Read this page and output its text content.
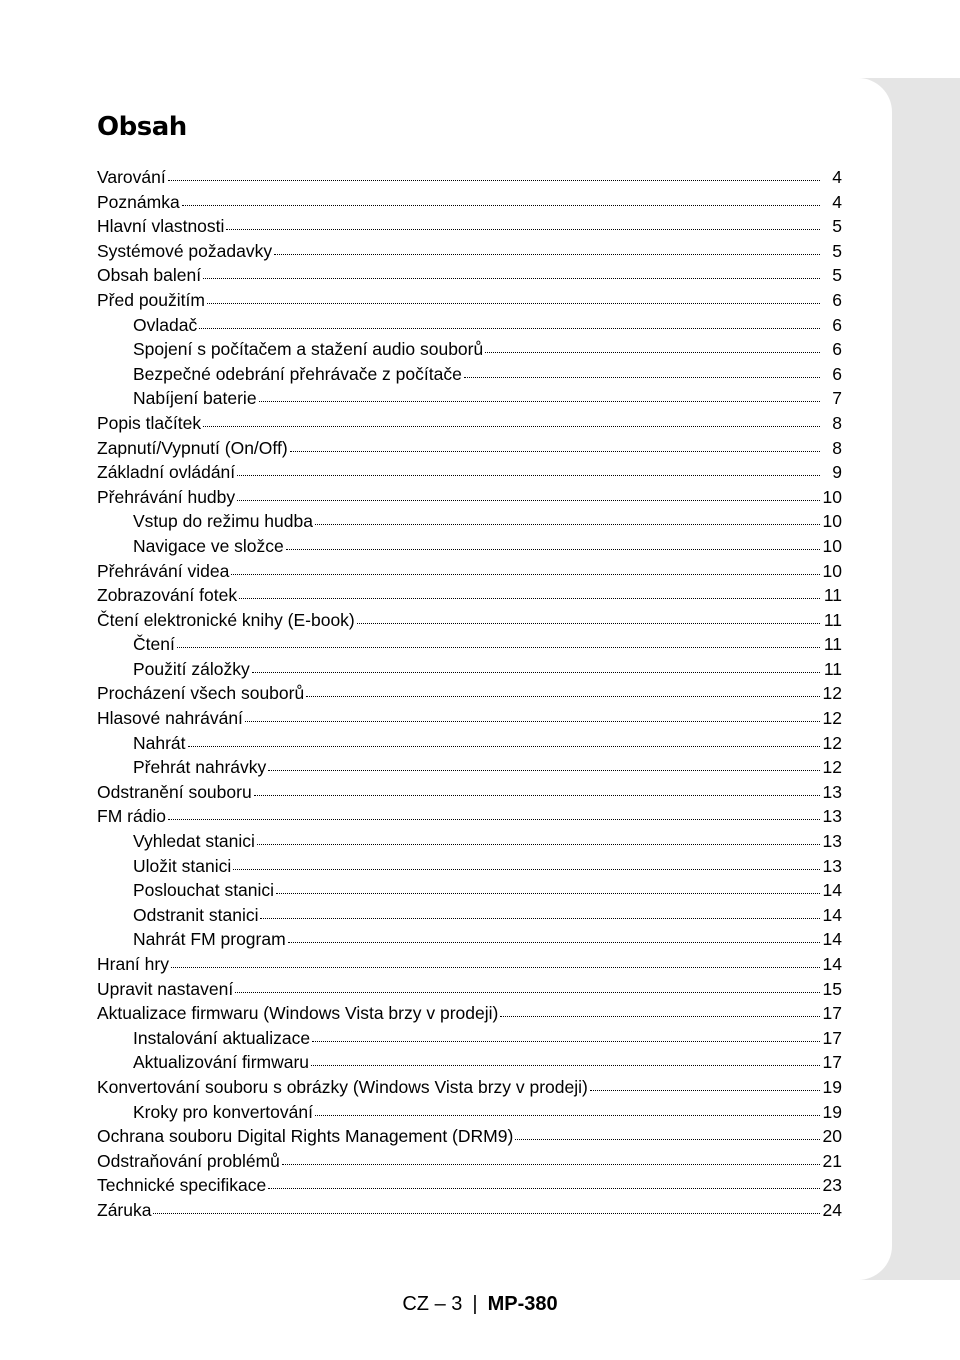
Obsah
Varování	4
Poznámka	4
Hlavní vlastnosti	5
Systémové požadavky	5
Obsah balení	5
Před použitím	6
Ovladač	6
Spojení s počítačem a stažení audio souborů	6
Bezpečné odebrání přehrávače z počítače	6
Nabíjení baterie	7
Popis tlačítek	8
Zapnutí/Vypnutí (On/Off)	8
Základní ovládání	9
Přehrávání hudby	10
Vstup do režimu hudba	10
Navigace ve složce	10
Přehrávání videa	10
Zobrazování fotek	11
Čtení elektronické knihy (E-book)	11
Čtení	11
Použití záložky	11
Procházení všech souborů	12
Hlasové nahrávání	12
Nahrát	12
Přehrát nahrávky	12
Odstranění souboru	13
FM rádio	13
Vyhledat stanici	13
Uložit stanici	13
Poslouchat stanici	14
Odstranit stanici	14
Nahrát FM program	14
Hraní hry	14
Upravit nastavení	15
Aktualizace firmwaru (Windows Vista brzy v prodeji)	17
Instalování aktualizace	17
Aktualizování firmwaru	17
Konvertování souboru s obrázky (Windows Vista brzy v prodeji)	19
Kroky pro konvertování	19
Ochrana souboru Digital Rights Management (DRM9)	20
Odstraňování problémů	21
Technické specifikace	23
Záruka	24
CZ – 3 | MP-380
